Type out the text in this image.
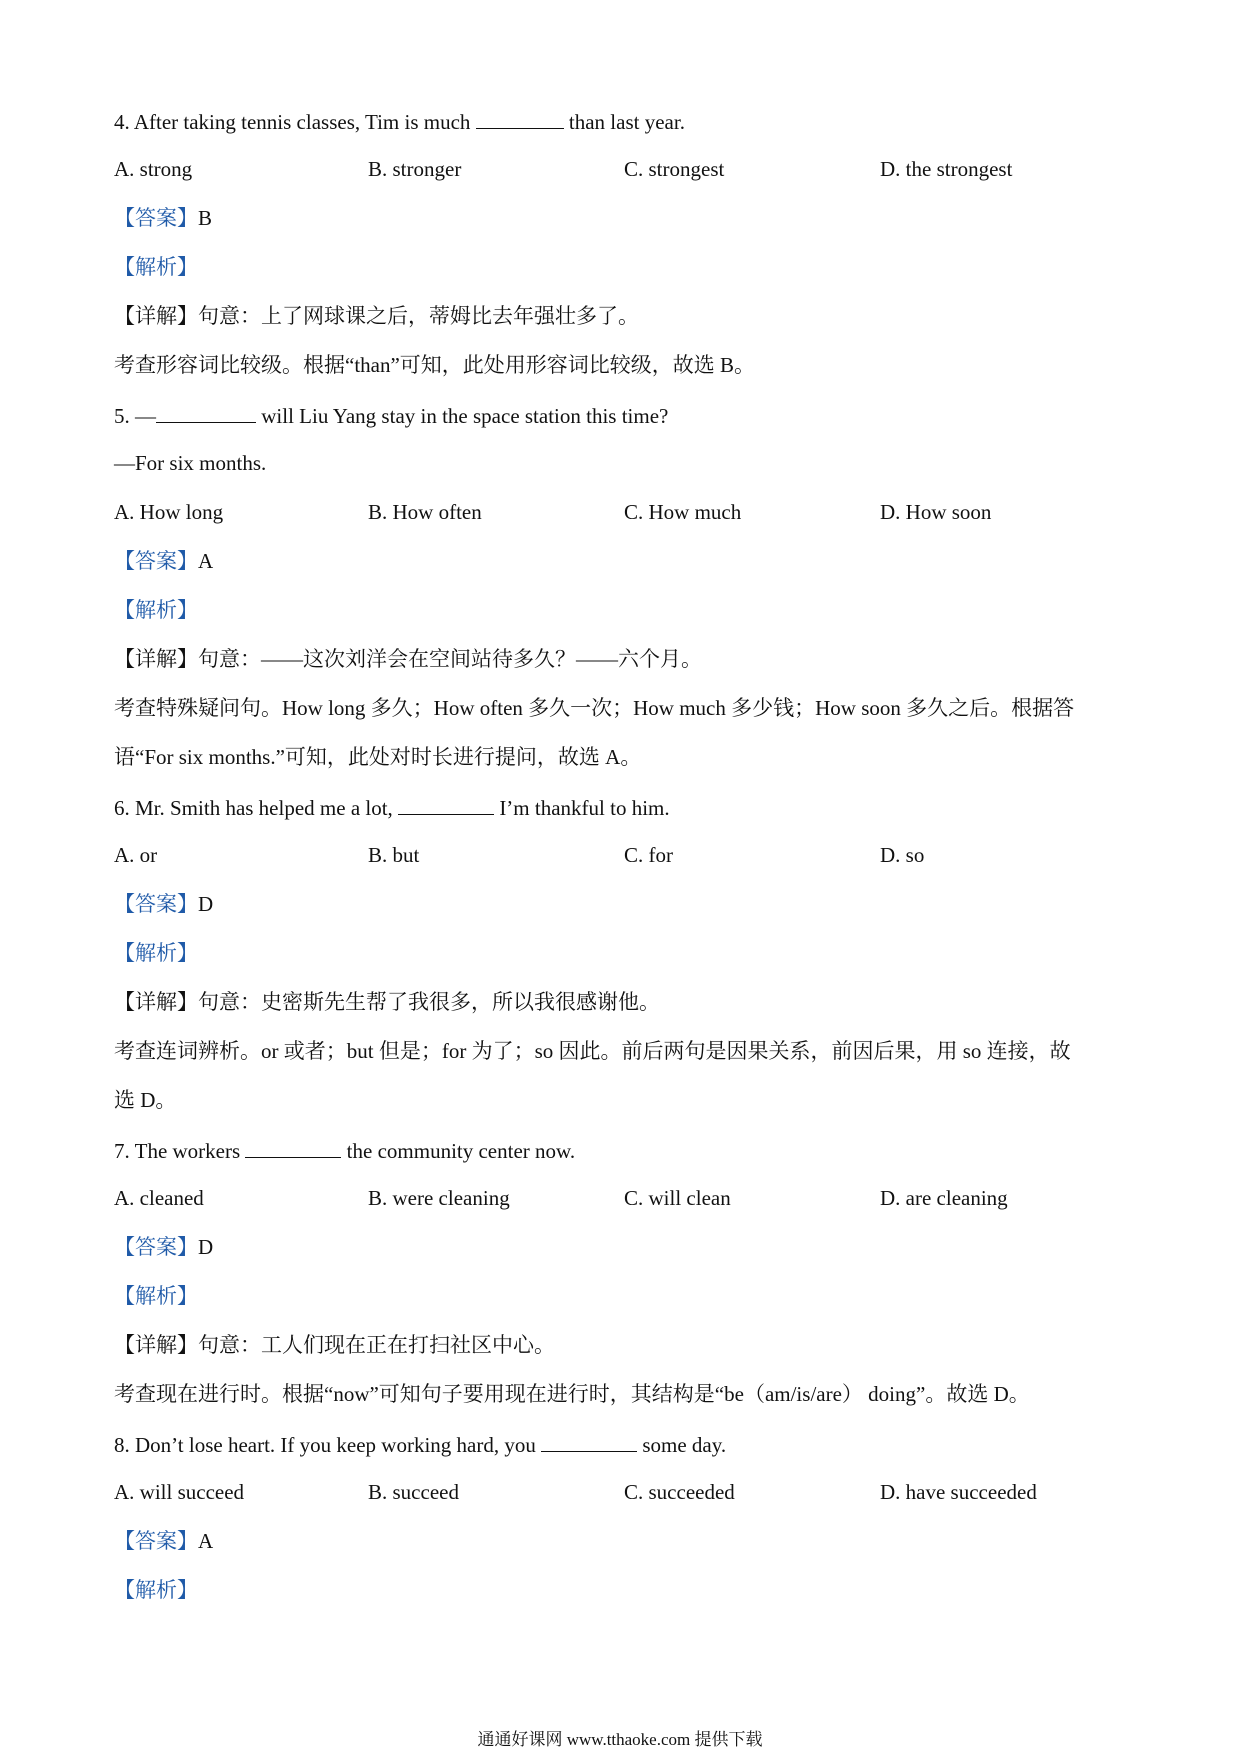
4. After taking tennis classes, Tim is much	than last year.
A. strong	B. stronger	C. strongest	D. the strongest
【答案】B
【解析】
【详解】句意：上了网球课之后，蒂姆比去年强壮多了。
考查形容词比较级。根据“than”可知，此处用形容词比较级，故选 B。
5. —	will Liu Yang stay in the space station this time?
—For six months.
A. How long	B. How often	C. How much	D. How soon
【答案】A
【解析】
【详解】句意：——这次刘洋会在空间站待多久？——六个月。
考查特殊疑问句。How long 多久；How often 多久一次；How much 多少钱；How soon 多久之后。根据答
语“For six months.”可知，此处对时长进行提问，故选 A。
6. Mr. Smith has helped me a lot,	I’m thankful to him.
A. or	B. but	C. for	D. so
【答案】D
【解析】
【详解】句意：史密斯先生帮了我很多，所以我很感谢他。
考查连词辨析。or 或者；but 但是；for 为了；so 因此。前后两句是因果关系，前因后果，用 so 连接，故
选 D。
7. The workers	the community center now.
A. cleaned	B. were cleaning	C. will clean	D. are cleaning
【答案】D
【解析】
【详解】句意：工人们现在正在打扫社区中心。
考查现在进行时。根据“now”可知句子要用现在进行时，其结构是“be（am/is/are） doing”。故选 D。
8. Don’t lose heart. If you keep working hard, you	some day.
A. will succeed	B. succeed	C. succeeded	D. have succeeded
【答案】A
【解析】
通通好课网 www.tthaoke.com 提供下载
